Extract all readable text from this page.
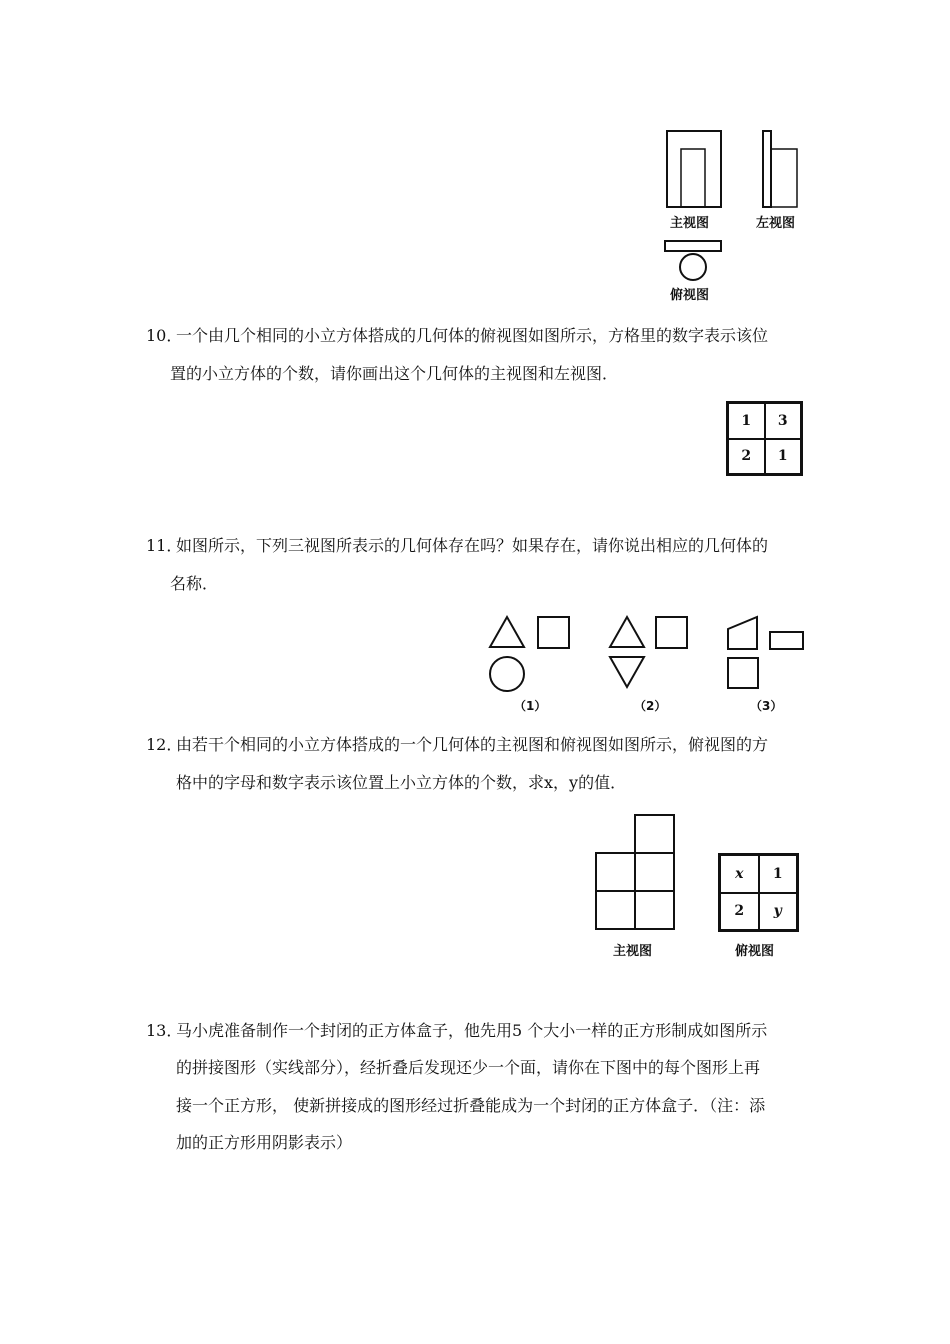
主视图	左视图
俯视图
10．
一个由几个相同的小立方体搭成的几何体的俯视图如图所示，方格里的数字表示该位
置的小立方体的个数，请你画出这个几何体的主视图和左视图．
1	3
2	1
11．
如图所示，下列三视图所表示的几何体存在吗？如果存在，请你说出相应的几何体的
名称．
（1）	（2）	（3）
12．
由若干个相同的小立方体搭成的一个几何体的主视图和俯视图如图所示，俯视图的方
格中的字母和数字表示该位置上小立方体的个数，求x，y的值．
主视图
x	1
2	y
俯视图
13．
马小虎准备制作一个封闭的正方体盒子，他先用5 个大小一样的正方形制成如图所示
的拼接图形（实线部分），经折叠后发现还少一个面，请你在下图中的每个图形上再
接一个正方形， 使新拼接成的图形经过折叠能成为一个封闭的正方体盒子．（注：添
加的正方形用阴影表示）
